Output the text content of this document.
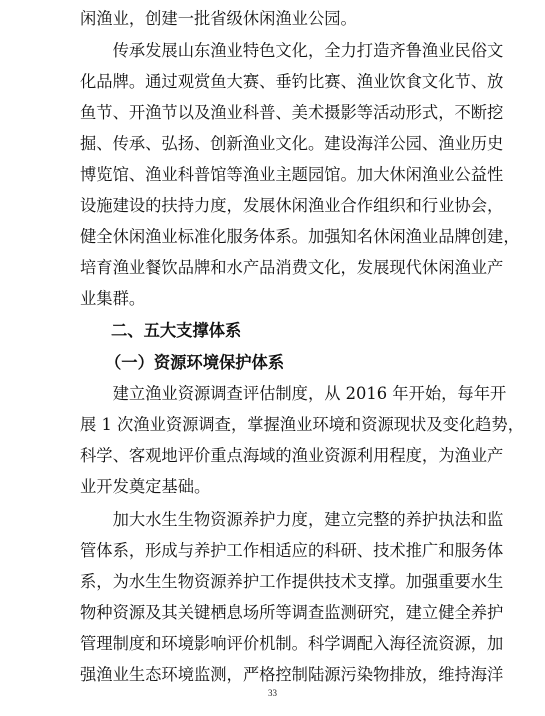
闲渔业，创建一批省级休闲渔业公园。
　　传承发展山东渔业特色文化，全力打造齐鲁渔业民俗文
化品牌。通过观赏鱼大赛、垂钓比赛、渔业饮食文化节、放
鱼节、开渔节以及渔业科普、美术摄影等活动形式，不断挖
掘、传承、弘扬、创新渔业文化。建设海洋公园、渔业历史
博览馆、渔业科普馆等渔业主题园馆。加大休闲渔业公益性
设施建设的扶持力度，发展休闲渔业合作组织和行业协会，
健全休闲渔业标准化服务体系。加强知名休闲渔业品牌创建，
培育渔业餐饮品牌和水产品消费文化，发展现代休闲渔业产
业集群。
二、五大支撑体系
（一）资源环境保护体系
　　建立渔业资源调查评估制度，从 2016 年开始，每年开
展 1 次渔业资源调查，掌握渔业环境和资源现状及变化趋势，
科学、客观地评价重点海域的渔业资源利用程度，为渔业产
业开发奠定基础。
　　加大水生生物资源养护力度，建立完整的养护执法和监
管体系，形成与养护工作相适应的科研、技术推广和服务体
系，为水生生物资源养护工作提供技术支撑。加强重要水生
物种资源及其关键栖息场所等调查监测研究，建立健全养护
管理制度和环境影响评价机制。科学调配入海径流资源，加
强渔业生态环境监测，严格控制陆源污染物排放，维持海洋
33
